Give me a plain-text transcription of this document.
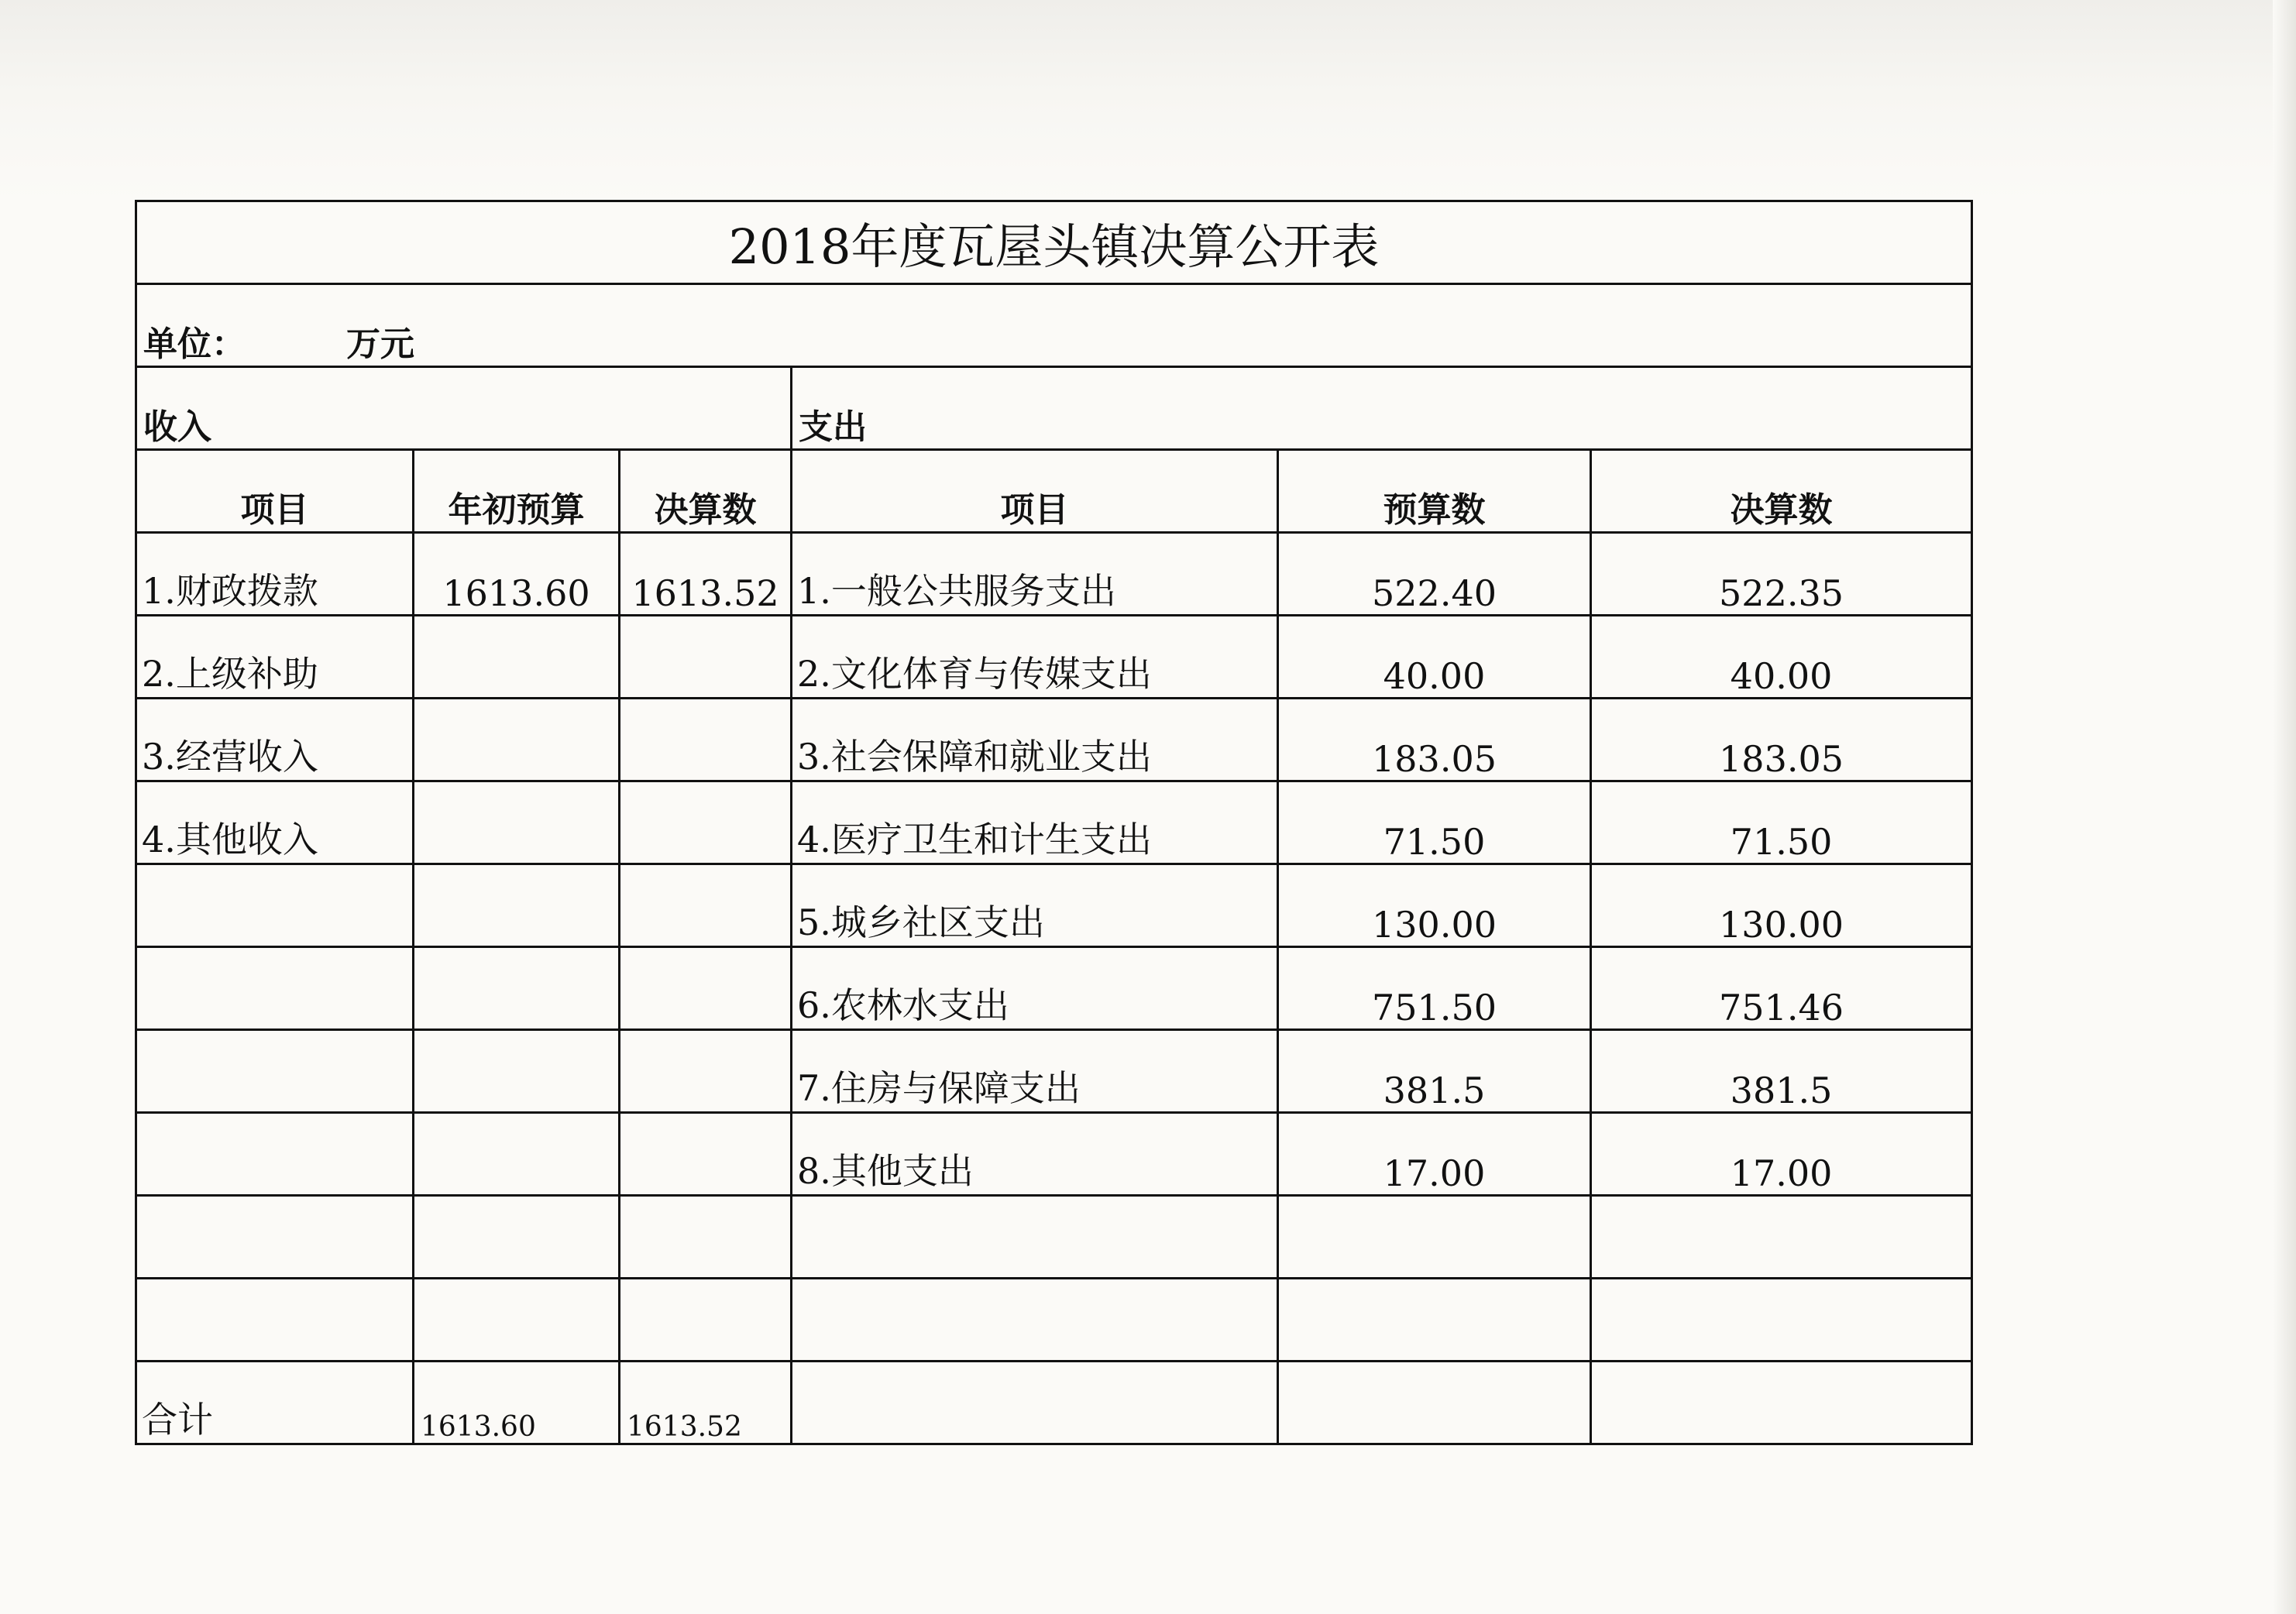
2018年度瓦屋头镇决算公开表					
单位： 万元					
收入			支出		
项目	年初预算	决算数	项目	预算数	决算数
1.财政拨款	1613.60	1613.52	1.一般公共服务支出	522.40	522.35
2.上级补助			2.文化体育与传媒支出	40.00	40.00
3.经营收入			3.社会保障和就业支出	183.05	183.05
4.其他收入			4.医疗卫生和计生支出	71.50	71.50
			5.城乡社区支出	130.00	130.00
			6.农林水支出	751.50	751.46
			7.住房与保障支出	381.5	381.5
			8.其他支出	17.00	17.00

合计	1613.60	1613.52			
